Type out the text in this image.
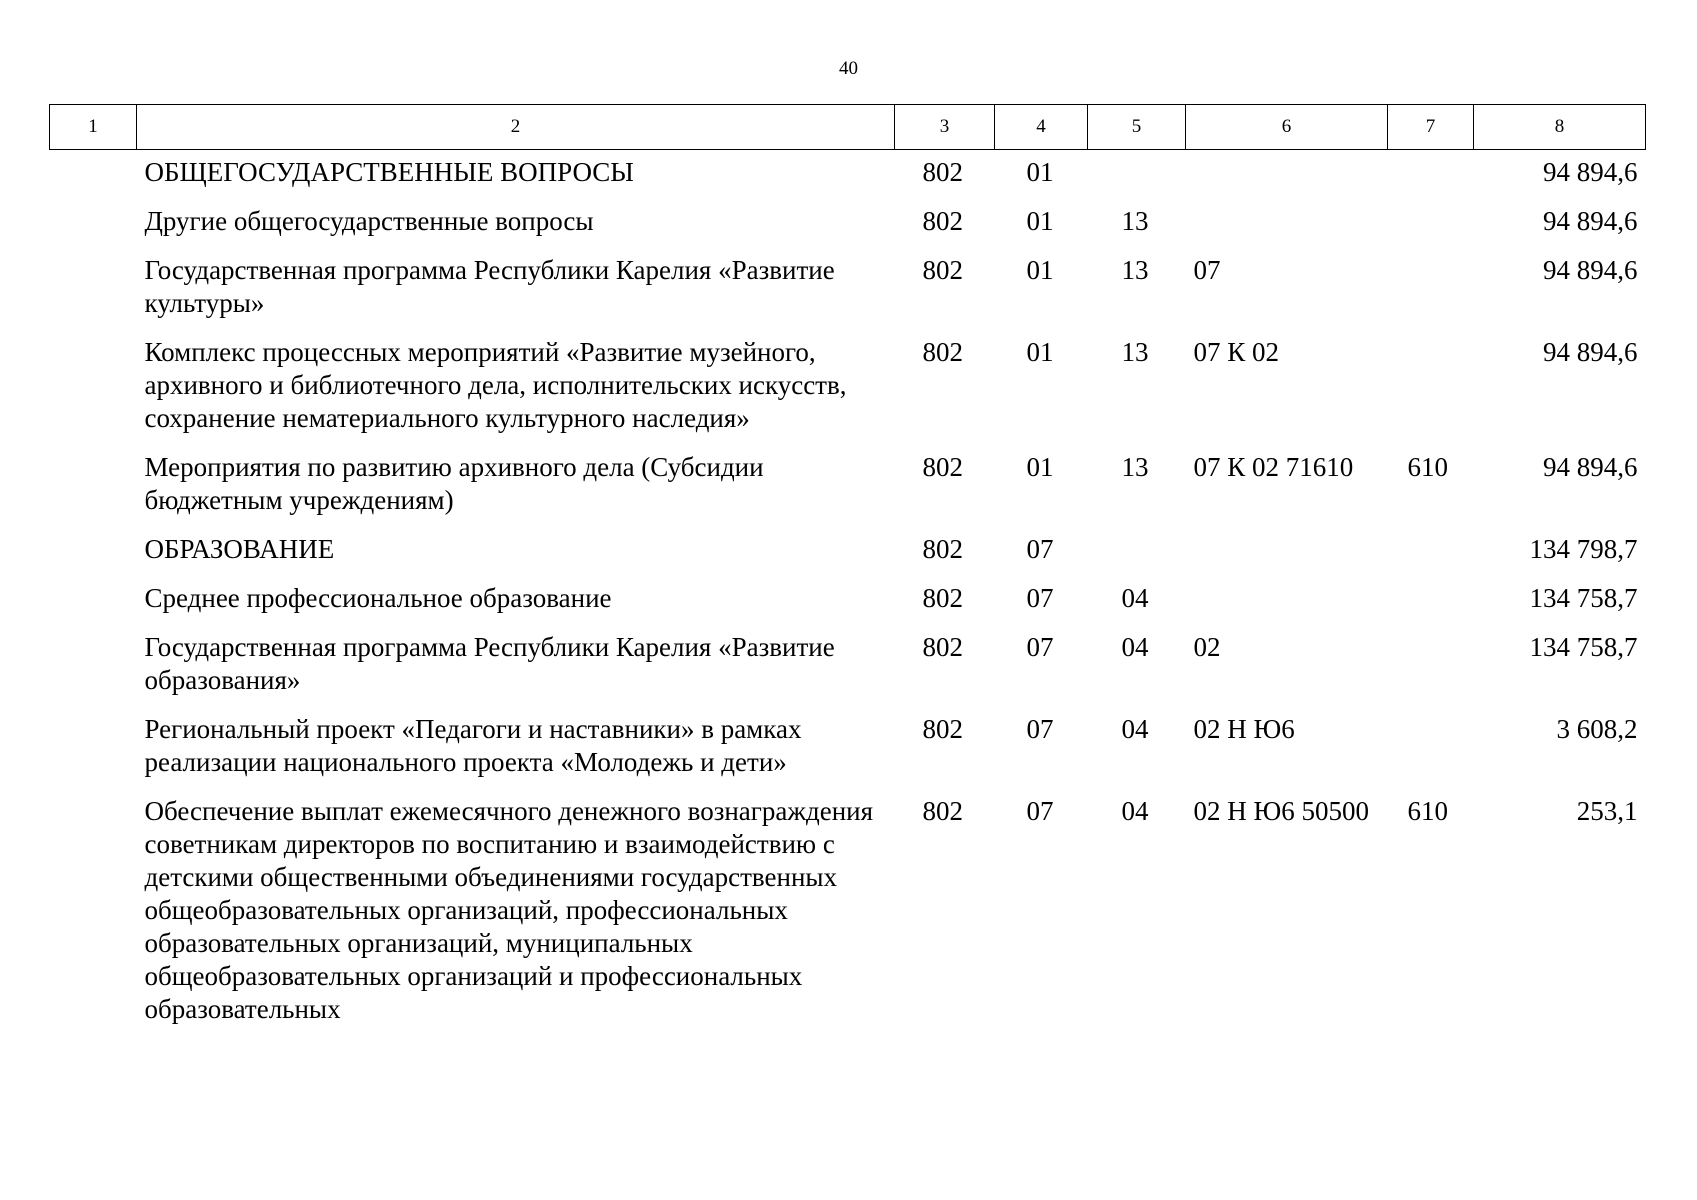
40
1	2	3	4	5	6	7	8
	ОБЩЕГОСУДАРСТВЕННЫЕ ВОПРОСЫ	802	01				94 894,6
	Другие общегосударственные вопросы	802	01	13			94 894,6
	Государственная программа Республики Карелия «Развитие культуры»	802	01	13	07		94 894,6
	Комплекс процессных мероприятий «Развитие музейного, архивного и библиотечного дела, исполнительских искусств, сохранение нематериального культурного наследия»	802	01	13	07 К 02		94 894,6
	Мероприятия по развитию архивного дела (Субсидии бюджетным учреждениям)	802	01	13	07 К 02 71610	610	94 894,6
	ОБРАЗОВАНИЕ	802	07				134 798,7
	Среднее профессиональное образование	802	07	04			134 758,7
	Государственная программа Республики Карелия «Развитие образования»	802	07	04	02		134 758,7
	Региональный проект «Педагоги и наставники» в рамках реализации национального проекта «Молодежь и дети»	802	07	04	02 Н Ю6		3 608,2
	Обеспечение выплат ежемесячного денежного вознаграждения советникам директоров по воспитанию и взаимодействию с детскими общественными объединениями государственных общеобразовательных организаций, профессиональных образовательных организаций, муниципальных общеобразовательных организаций и профессиональных образовательных	802	07	04	02 Н Ю6 50500	610	253,1
